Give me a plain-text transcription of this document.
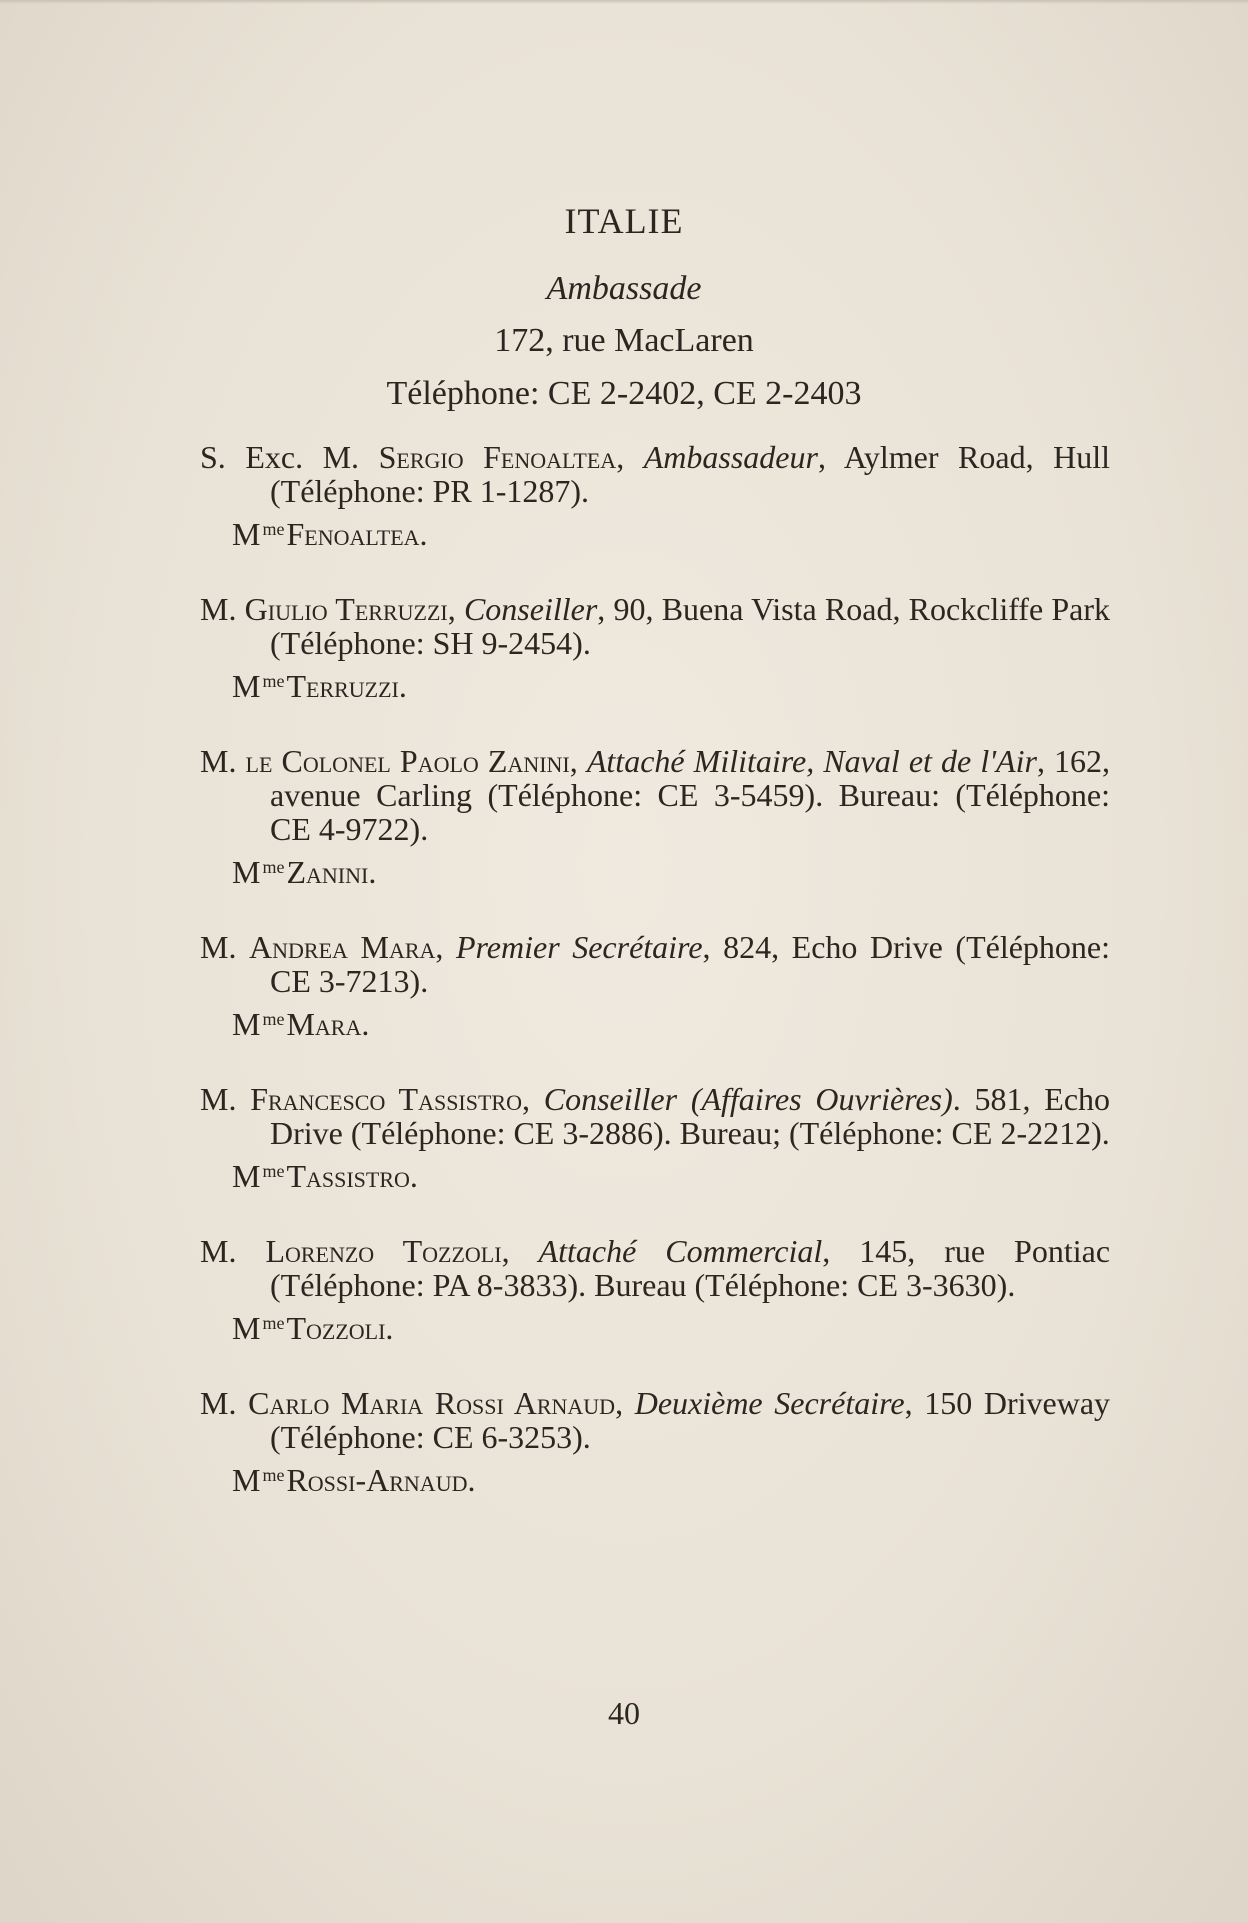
ITALIE
Ambassade
172, rue MacLaren
Téléphone: CE 2-2402, CE 2-2403
S. Exc. M. Sergio Fenoaltea, Ambassadeur, Aylmer Road, Hull (Téléphone: PR 1-1287).
M $^{me}$Fenoaltea.
M. Giulio Terruzzi, Conseiller, 90, Buena Vista Road, Rockcliffe Park (Téléphone: SH 9-2454).
M $^{me}$Terruzzi.
M. le Colonel Paolo Zanini, Attaché Militaire, Naval et de l'Air, 162, avenue Carling (Téléphone: CE 3-5459). Bureau: (Téléphone: CE 4-9722).
M $^{me}$Zanini.
M. Andrea Mara, Premier Secrétaire, 824, Echo Drive (Téléphone: CE 3-7213).
M $^{me}$Mara.
M. Francesco Tassistro, Conseiller (Affaires Ouvrières). 581, Echo Drive (Téléphone: CE 3-2886). Bureau; (Téléphone: CE 2-2212).
M $^{me}$Tassistro.
M. Lorenzo Tozzoli, Attaché Commercial, 145, rue Pontiac (Téléphone: PA 8-3833). Bureau (Téléphone: CE 3-3630).
M $^{me}$Tozzoli.
M. Carlo Maria Rossi Arnaud, Deuxième Secrétaire, 150 Driveway (Téléphone: CE 6-3253).
M $^{me}$Rossi-Arnaud.
40
